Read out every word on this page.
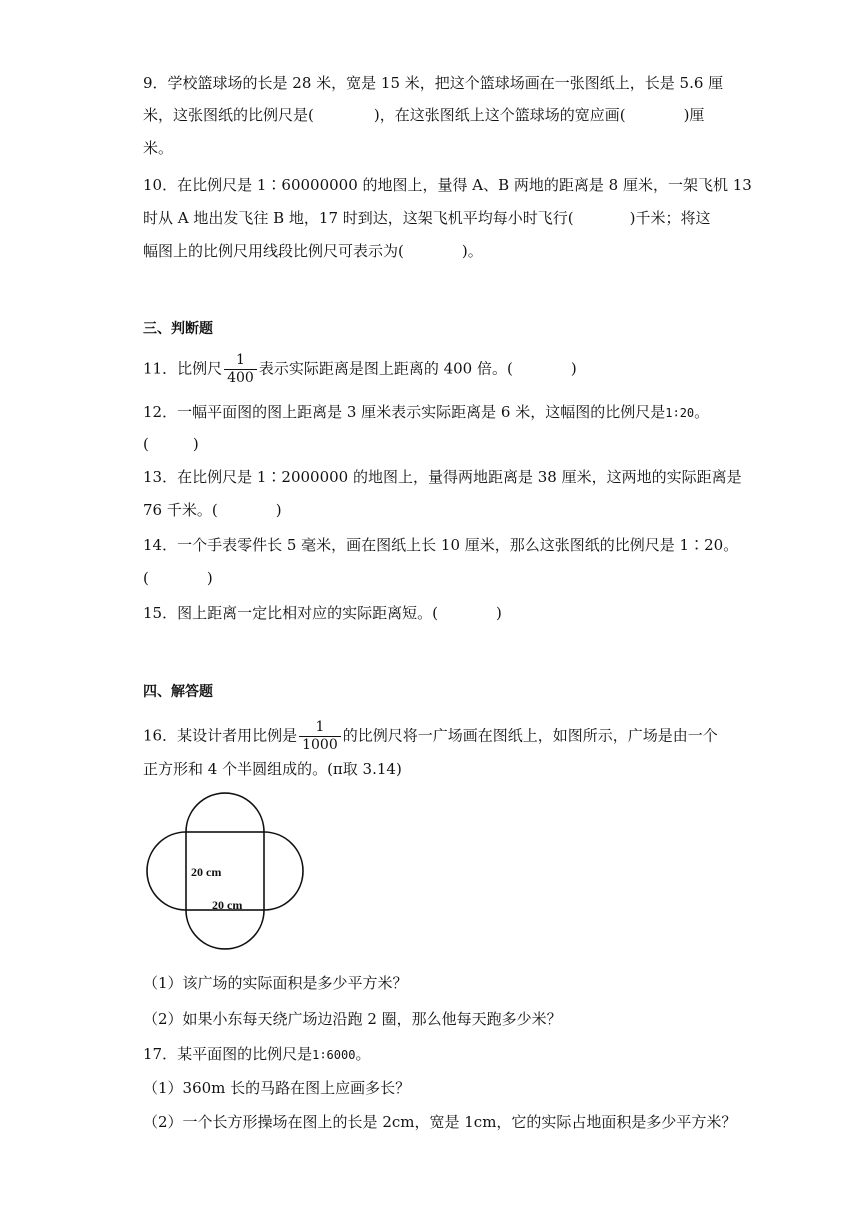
9．学校篮球场的长是 28 米，宽是 15 米，把这个篮球场画在一张图纸上，长是 5.6 厘
米，这张图纸的比例尺是(	)，在这张图纸上这个篮球场的宽应画(	)厘
米。
10．在比例尺是 1∶60000000 的地图上，量得 A、B 两地的距离是 8 厘米，一架飞机 13
时从 A 地出发飞往 B 地，17 时到达，这架飞机平均每小时飞行(	)千米；将这
幅图上的比例尺用线段比例尺可表示为(	)。
三、判断题
11．比例尺 $\frac{1}{400}$ 表示实际距离是图上距离的 400 倍。(	)
12．一幅平面图的图上距离是 3 厘米表示实际距离是 6 米，这幅图的比例尺是1∶20。
(	)
13．在比例尺是 1∶2000000 的地图上，量得两地距离是 38 厘米，这两地的实际距离是
76 千米。(	)
14．一个手表零件长 5 毫米，画在图纸上长 10 厘米，那么这张图纸的比例尺是 1∶20。
(	)
15．图上距离一定比相对应的实际距离短。(	)
四、解答题
16．某设计者用比例是 $\frac{1}{1000}$ 的比例尺将一广场画在图纸上，如图所示，广场是由一个
正方形和 4 个半圆组成的。(π取 3.14)
20 cm
20 cm
（1）该广场的实际面积是多少平方米？
（2）如果小东每天绕广场边沿跑 2 圈，那么他每天跑多少米？
17．某平面图的比例尺是1∶6000。
（1）360m 长的马路在图上应画多长？
（2）一个长方形操场在图上的长是 2cm，宽是 1cm，它的实际占地面积是多少平方米？
